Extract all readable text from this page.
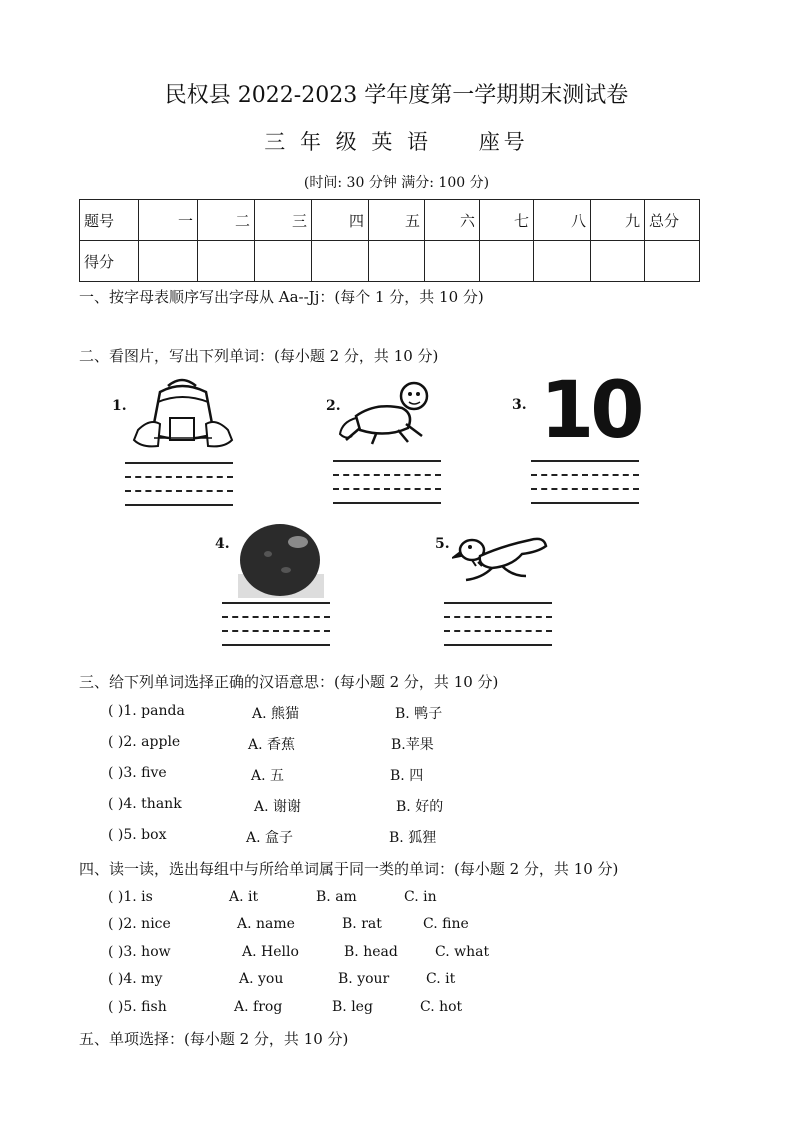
民权县 2022-2023 学年度第一学期期末测试卷
三 年 级 英 语 座号
(时间: 30 分钟 满分: 100 分)
题号	一	二	三	四	五	六	七	八	九	总分
得分										
一、按字母表顺序写出字母从 Aa--Jj：(每个 1 分，共 10 分)
二、看图片，写出下列单词：(每小题 2 分，共 10 分)
1.	2.	3. 10
4.	5.
三、给下列单词选择正确的汉语意思：(每小题 2 分，共 10 分)
( )1. panda	A. 熊猫	B. 鸭子
( )2. apple	A. 香蕉	B.苹果
( )3. five	A. 五	B. 四
( )4. thank	A. 谢谢	B. 好的
( )5. box	A. 盒子	B. 狐狸
四、读一读，选出每组中与所给单词属于同一类的单词：(每小题 2 分，共 10 分)
( )1. is	A. it	B. am	C. in
( )2. nice	A. name	B. rat	C. fine
( )3. how	A. Hello	B. head	C. what
( )4. my	A. you	B. your	C. it
( )5. fish	A. frog	B. leg	C. hot
五、单项选择：(每小题 2 分，共 10 分)
